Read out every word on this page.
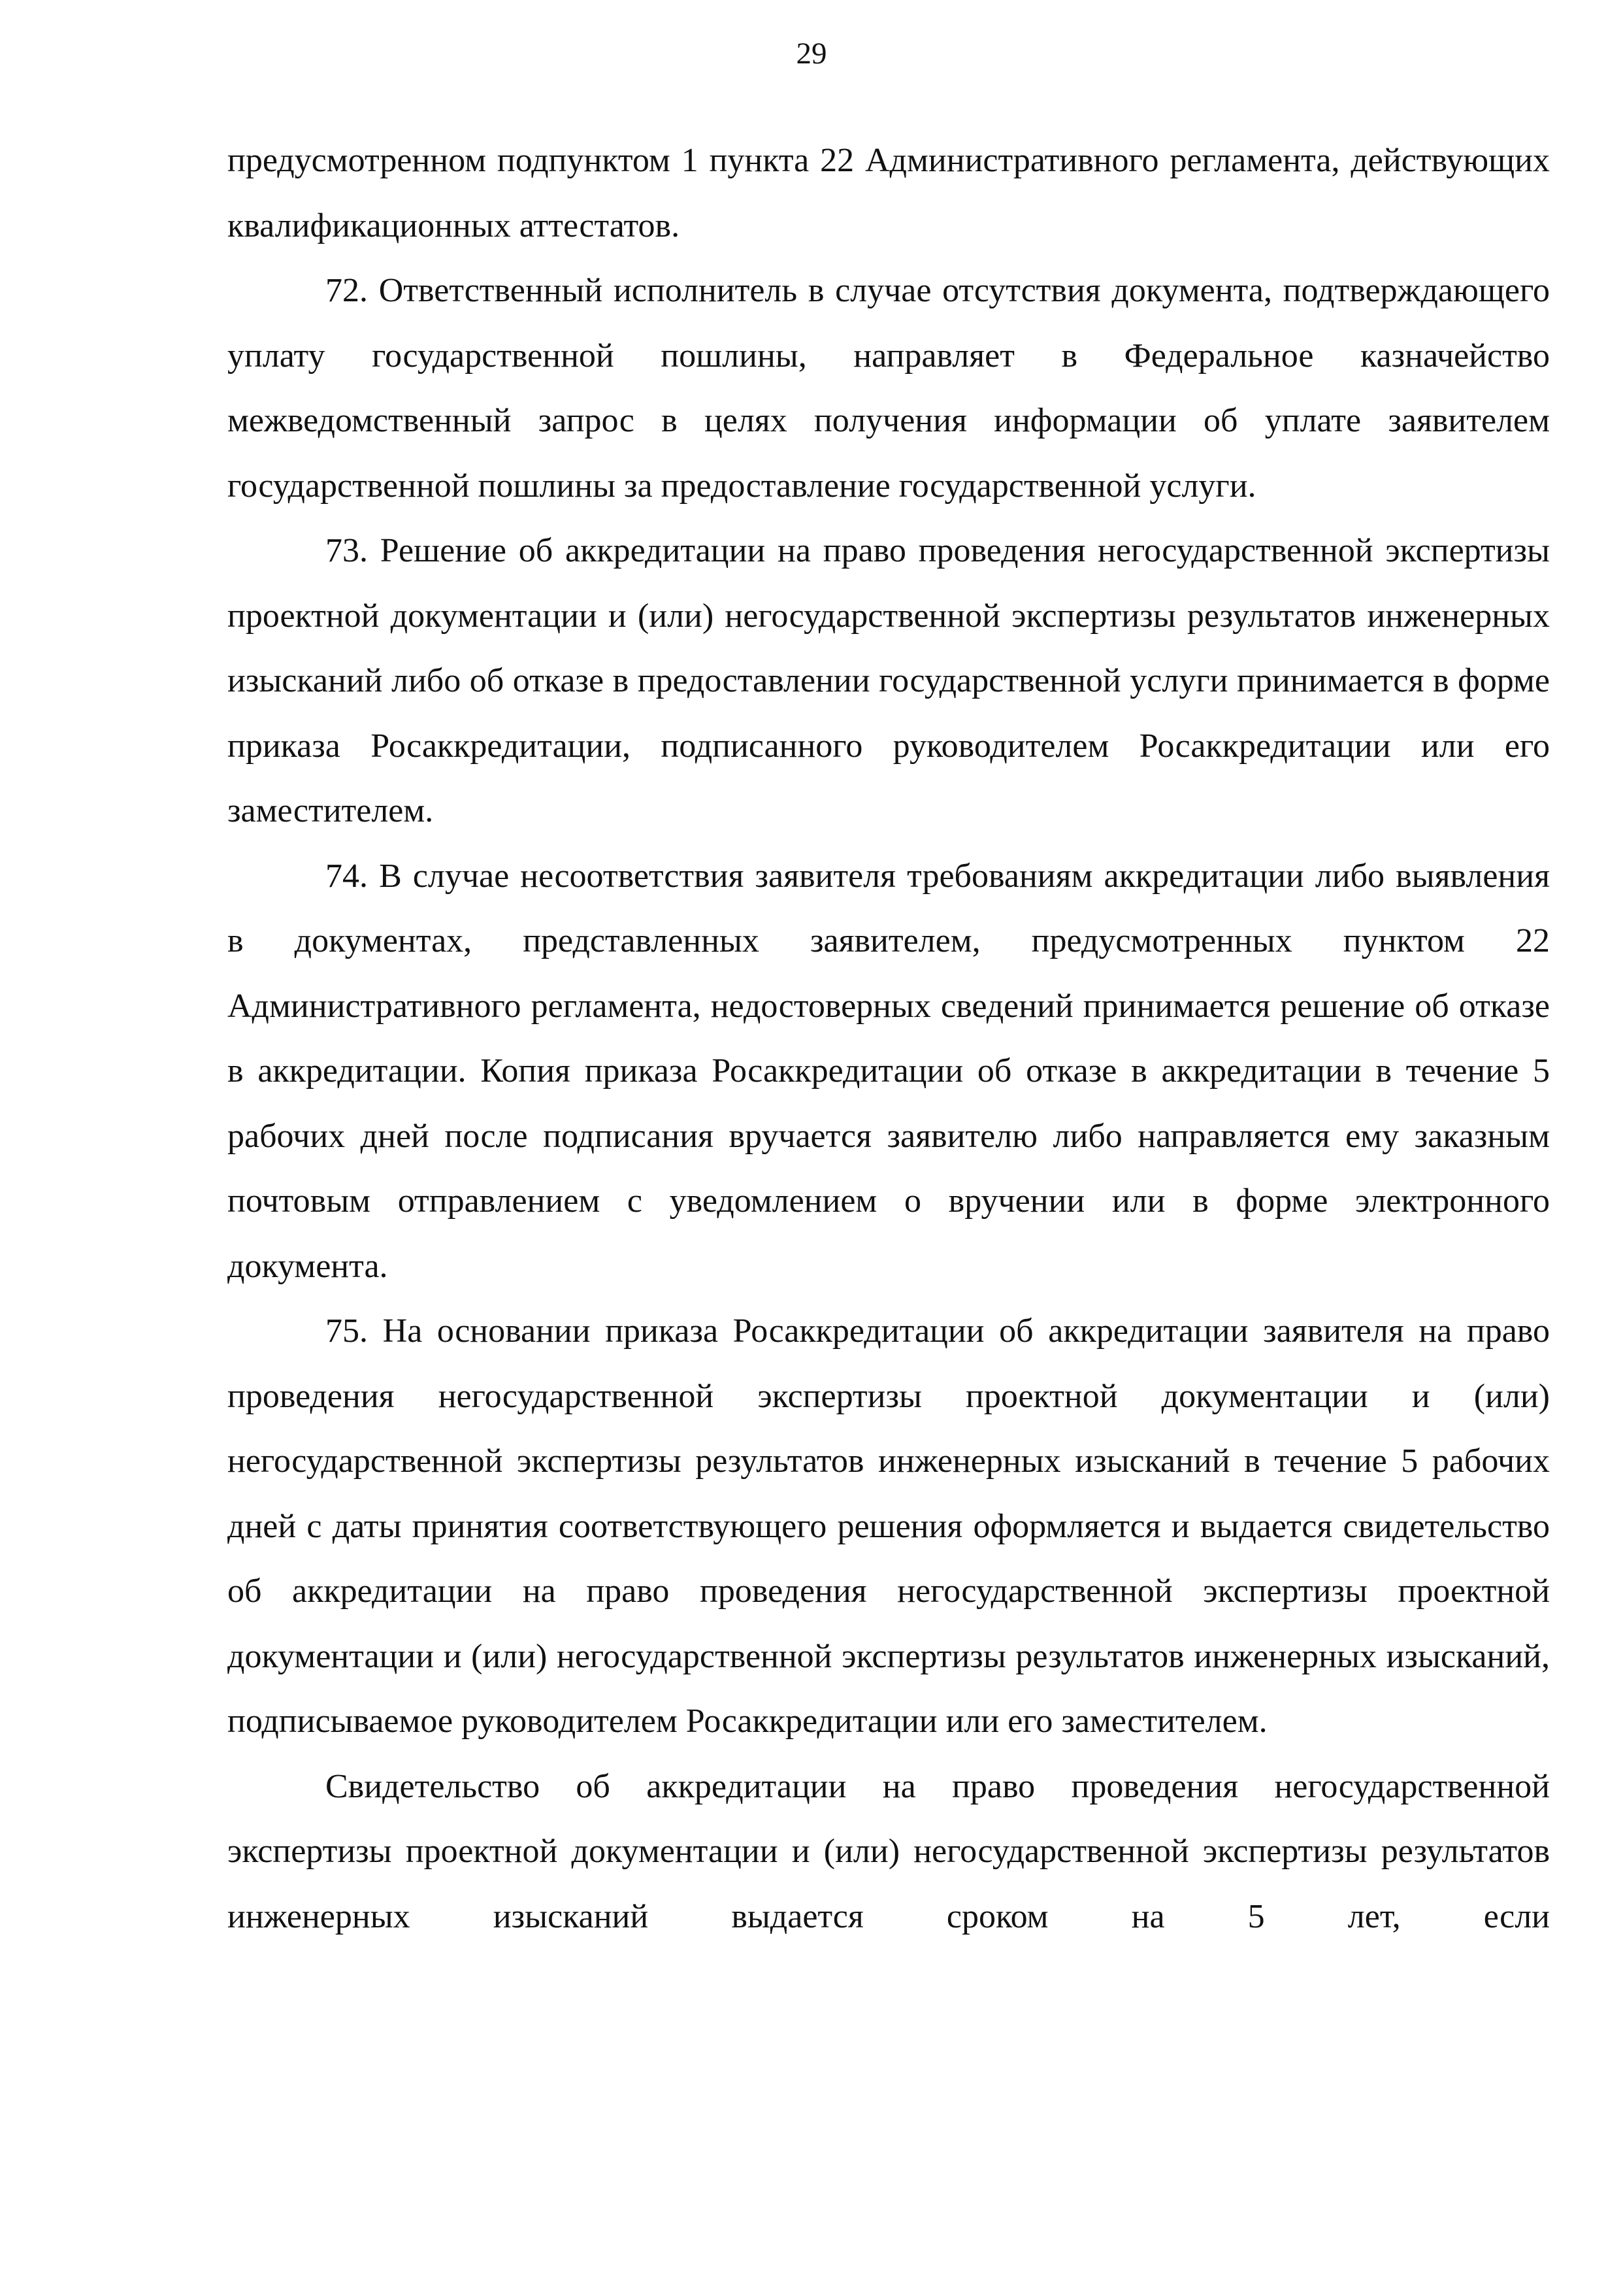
29

предусмотренном подпунктом 1 пункта 22 Административного регламента, действующих квалификационных аттестатов.

72. Ответственный исполнитель в случае отсутствия документа, подтверждающего уплату государственной пошлины, направляет в Федеральное казначейство межведомственный запрос в целях получения информации об уплате заявителем государственной пошлины за предоставление государственной услуги.

73. Решение об аккредитации на право проведения негосударственной экспертизы проектной документации и (или) негосударственной экспертизы результатов инженерных изысканий либо об отказе в предоставлении государственной услуги принимается в форме приказа Росаккредитации, подписанного руководителем Росаккредитации или его заместителем.

74. В случае несоответствия заявителя требованиям аккредитации либо выявления в документах, представленных заявителем, предусмотренных пунктом 22 Административного регламента, недостоверных сведений принимается решение об отказе в аккредитации. Копия приказа Росаккредитации об отказе в аккредитации в течение 5 рабочих дней после подписания вручается заявителю либо направляется ему заказным почтовым отправлением с уведомлением о вручении или в форме электронного документа.

75. На основании приказа Росаккредитации об аккредитации заявителя на право проведения негосударственной экспертизы проектной документации и (или) негосударственной экспертизы результатов инженерных изысканий в течение 5 рабочих дней с даты принятия соответствующего решения оформляется и выдается свидетельство об аккредитации на право проведения негосударственной экспертизы проектной документации и (или) негосударственной экспертизы результатов инженерных изысканий, подписываемое руководителем Росаккредитации или его заместителем.

Свидетельство об аккредитации на право проведения негосударственной экспертизы проектной документации и (или) негосударственной экспертизы результатов инженерных изысканий выдается сроком на 5 лет, если
